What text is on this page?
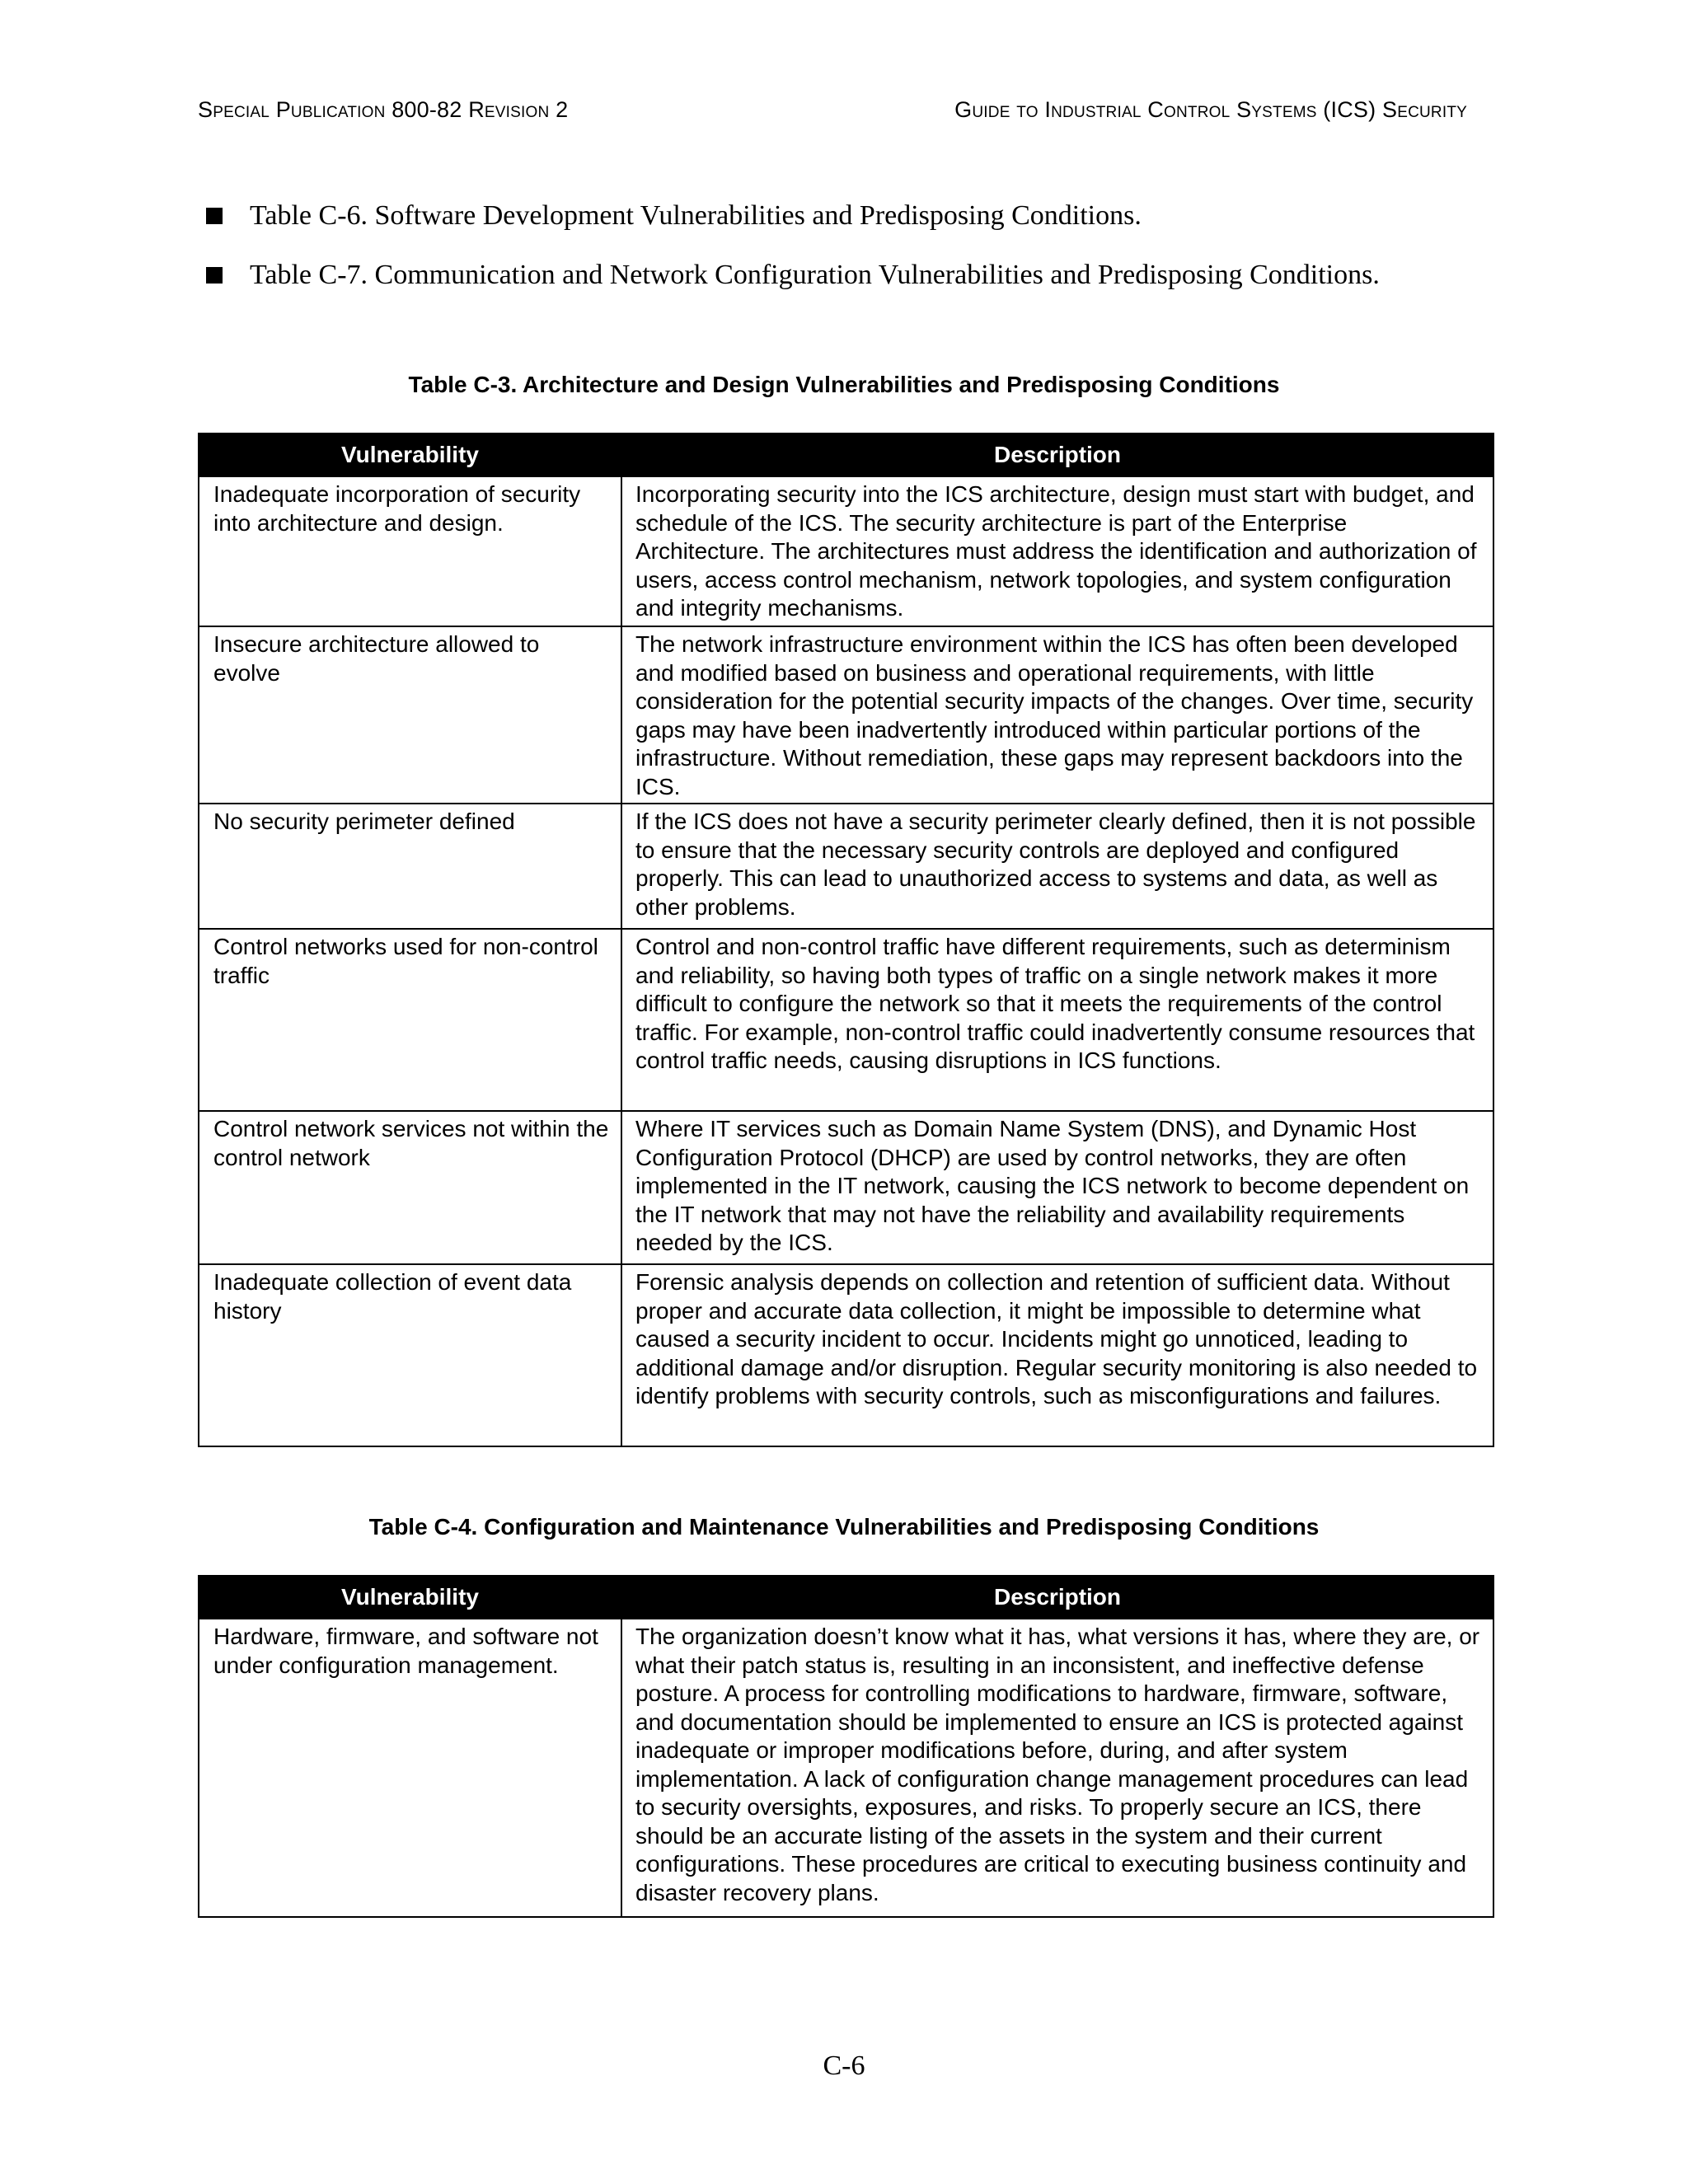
Special Publication 800-82 Revision 2	Guide to Industrial Control Systems (ICS) Security
Table C-6. Software Development Vulnerabilities and Predisposing Conditions.
Table C-7. Communication and Network Configuration Vulnerabilities and Predisposing Conditions.
Table C-3. Architecture and Design Vulnerabilities and Predisposing Conditions
Vulnerability	Description
Inadequate incorporation of security into architecture and design.	Incorporating security into the ICS architecture, design must start with budget, and schedule of the ICS. The security architecture is part of the Enterprise Architecture. The architectures must address the identification and authorization of users, access control mechanism, network topologies, and system configuration and integrity mechanisms.
Insecure architecture allowed to evolve	The network infrastructure environment within the ICS has often been developed and modified based on business and operational requirements, with little consideration for the potential security impacts of the changes. Over time, security gaps may have been inadvertently introduced within particular portions of the infrastructure. Without remediation, these gaps may represent backdoors into the ICS.
No security perimeter defined	If the ICS does not have a security perimeter clearly defined, then it is not possible to ensure that the necessary security controls are deployed and configured properly. This can lead to unauthorized access to systems and data, as well as other problems.
Control networks used for non-control traffic	Control and non-control traffic have different requirements, such as determinism and reliability, so having both types of traffic on a single network makes it more difficult to configure the network so that it meets the requirements of the control traffic. For example, non-control traffic could inadvertently consume resources that control traffic needs, causing disruptions in ICS functions.
Control network services not within the control network	Where IT services such as Domain Name System (DNS), and Dynamic Host Configuration Protocol (DHCP) are used by control networks, they are often implemented in the IT network, causing the ICS network to become dependent on the IT network that may not have the reliability and availability requirements needed by the ICS.
Inadequate collection of event data history	Forensic analysis depends on collection and retention of sufficient data. Without proper and accurate data collection, it might be impossible to determine what caused a security incident to occur. Incidents might go unnoticed, leading to additional damage and/or disruption. Regular security monitoring is also needed to identify problems with security controls, such as misconfigurations and failures.
Table C-4. Configuration and Maintenance Vulnerabilities and Predisposing Conditions
Vulnerability	Description
Hardware, firmware, and software not under configuration management.	The organization doesn’t know what it has, what versions it has, where they are, or what their patch status is, resulting in an inconsistent, and ineffective defense posture. A process for controlling modifications to hardware, firmware, software, and documentation should be implemented to ensure an ICS is protected against inadequate or improper modifications before, during, and after system implementation. A lack of configuration change management procedures can lead to security oversights, exposures, and risks. To properly secure an ICS, there should be an accurate listing of the assets in the system and their current configurations. These procedures are critical to executing business continuity and disaster recovery plans.
C-6
